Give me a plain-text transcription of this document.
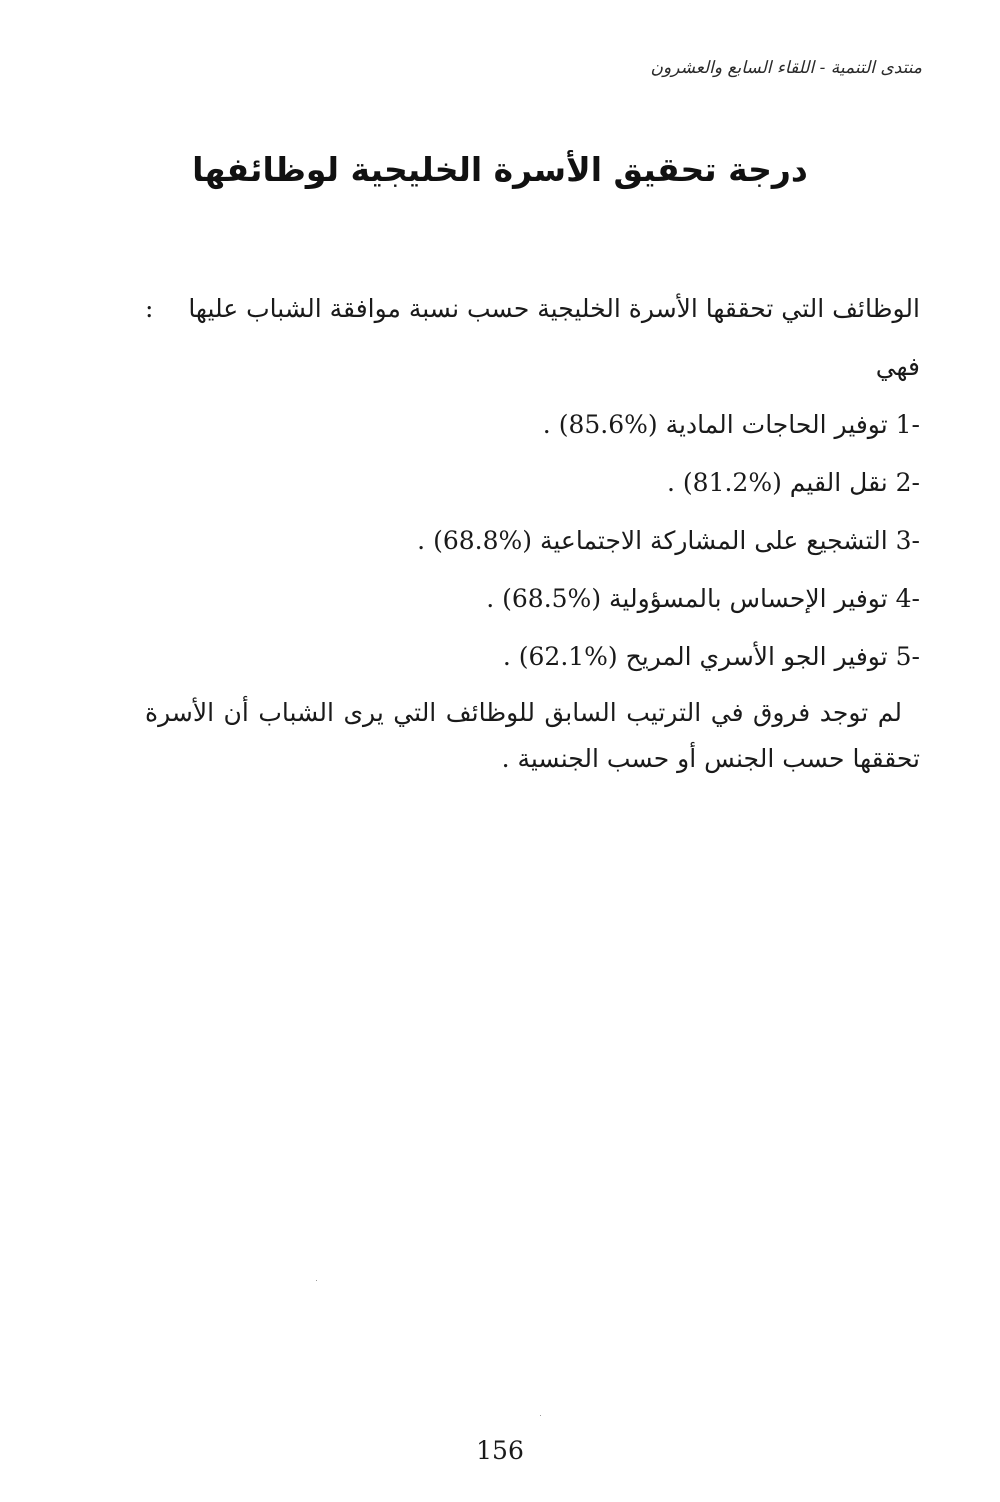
منتدى التنمية - اللقاء السابع والعشرون
درجة تحقيق الأسرة الخليجية لوظائفها

الوظائف التي تحققها الأسرة الخليجية حسب نسبة موافقة الشباب عليها فهي
:

-1 توفير الحاجات المادية (85.6%) .
-2 نقل القيم (81.2%) .
-3 التشجيع على المشاركة الاجتماعية (68.8%) .
-4 توفير الإحساس بالمسؤولية (68.5%) .
-5 توفير الجو الأسري المريح (62.1%) .

لم توجد فروق في الترتيب السابق للوظائف التي يرى الشباب أن الأسرة
تحققها حسب الجنس أو حسب الجنسية .

156
